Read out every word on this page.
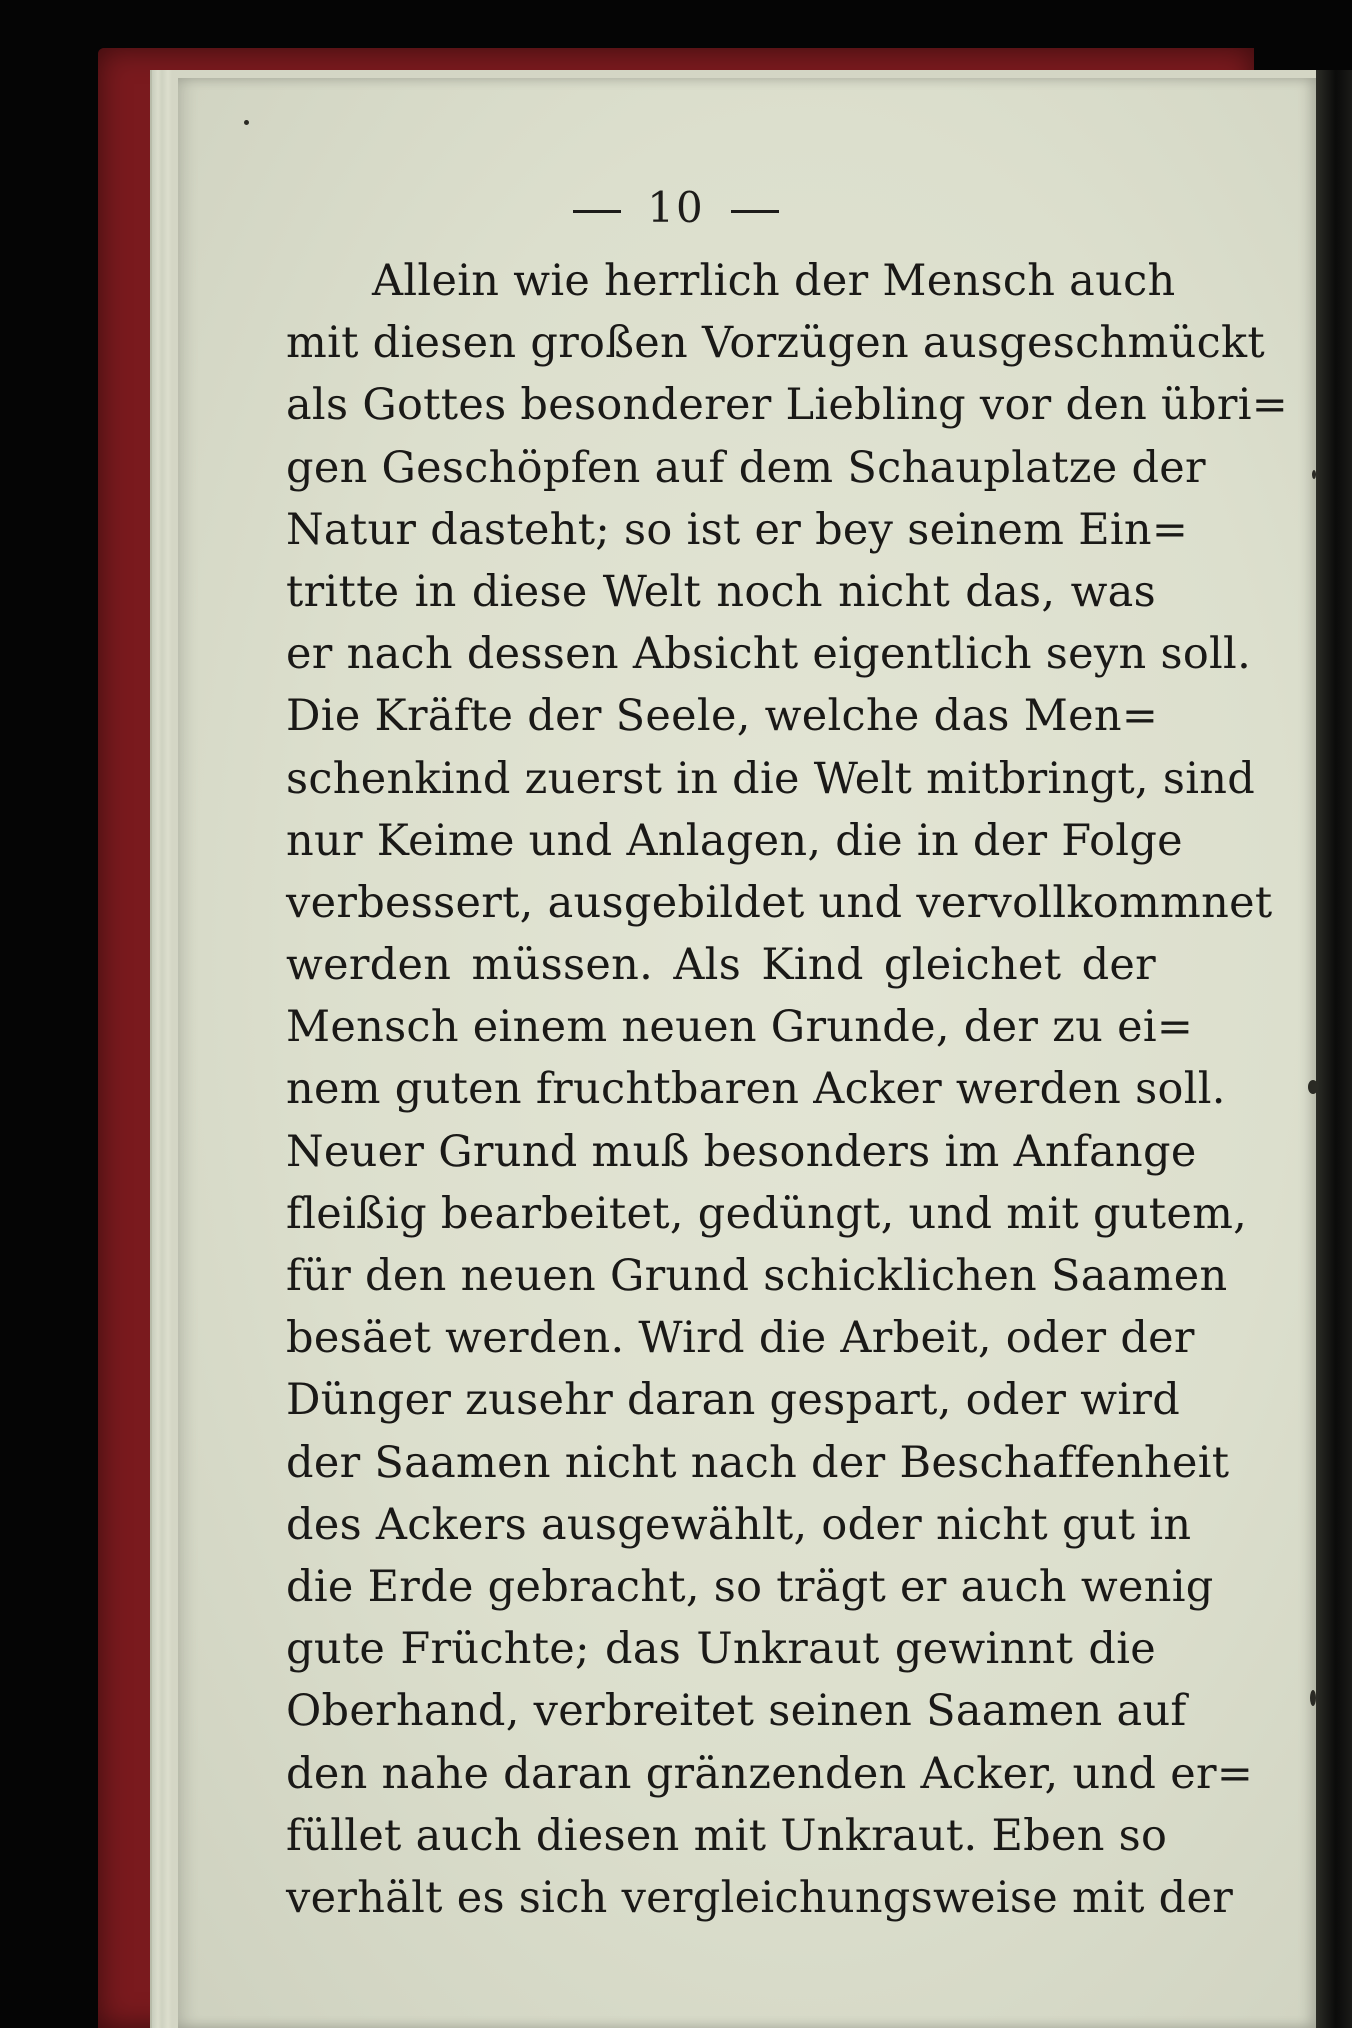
10
Allein wie herrlich der Mensch auch
mit diesen großen Vorzügen ausgeschmückt
als Gottes besonderer Liebling vor den übri=
gen Geschöpfen auf dem Schauplatze der
Natur dasteht; so ist er bey seinem Ein=
tritte in diese Welt noch nicht das, was
er nach dessen Absicht eigentlich seyn soll.
Die Kräfte der Seele, welche das Men=
schenkind zuerst in die Welt mitbringt, sind
nur Keime und Anlagen, die in der Folge
verbessert, ausgebildet und vervollkommnet
werden müssen. Als Kind gleichet der
Mensch einem neuen Grunde, der zu ei=
nem guten fruchtbaren Acker werden soll.
Neuer Grund muß besonders im Anfange
fleißig bearbeitet, gedüngt, und mit gutem,
für den neuen Grund schicklichen Saamen
besäet werden. Wird die Arbeit, oder der
Dünger zusehr daran gespart, oder wird
der Saamen nicht nach der Beschaffenheit
des Ackers ausgewählt, oder nicht gut in
die Erde gebracht, so trägt er auch wenig
gute Früchte; das Unkraut gewinnt die
Oberhand, verbreitet seinen Saamen auf
den nahe daran gränzenden Acker, und er=
füllet auch diesen mit Unkraut. Eben so
verhält es sich vergleichungsweise mit der
